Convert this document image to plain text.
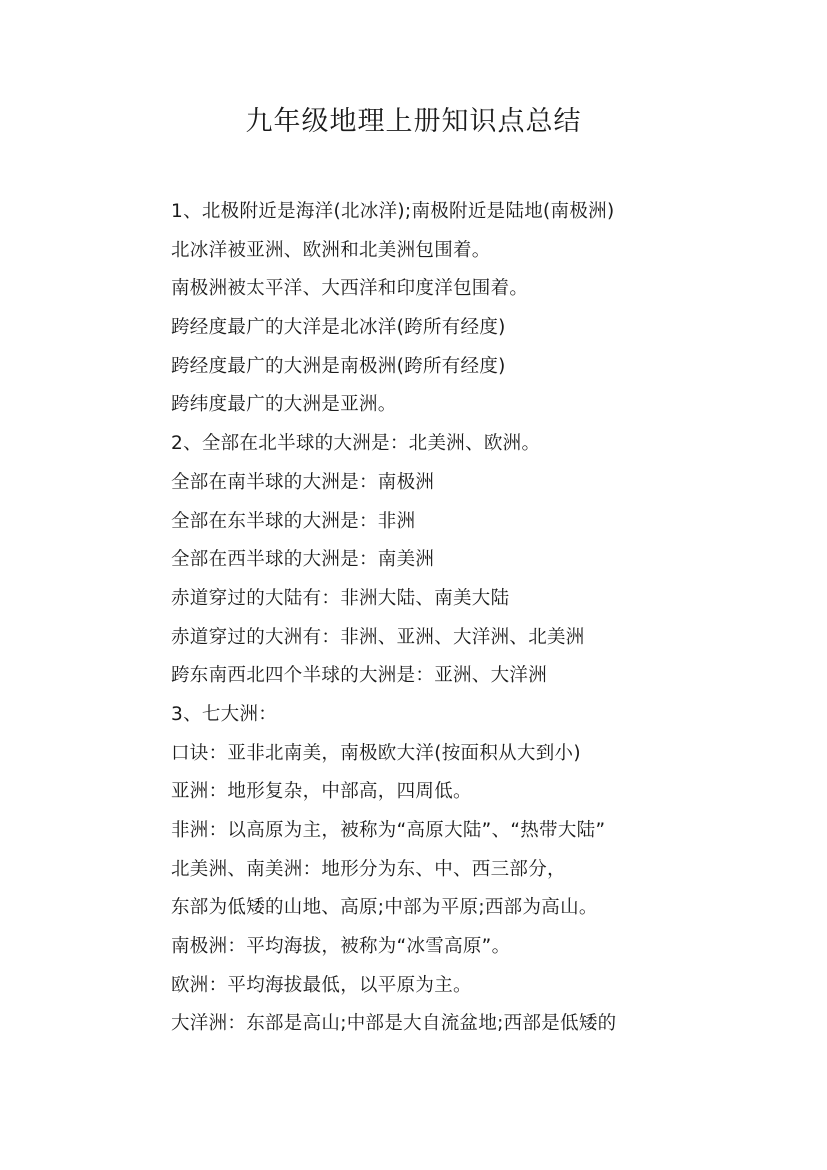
九年级地理上册知识点总结
1、北极附近是海洋(北冰洋);南极附近是陆地(南极洲)
北冰洋被亚洲、欧洲和北美洲包围着。
南极洲被太平洋、大西洋和印度洋包围着。
跨经度最广的大洋是北冰洋(跨所有经度)
跨经度最广的大洲是南极洲(跨所有经度)
跨纬度最广的大洲是亚洲。
2、全部在北半球的大洲是：北美洲、欧洲。
全部在南半球的大洲是：南极洲
全部在东半球的大洲是：非洲
全部在西半球的大洲是：南美洲
赤道穿过的大陆有：非洲大陆、南美大陆
赤道穿过的大洲有：非洲、亚洲、大洋洲、北美洲
跨东南西北四个半球的大洲是：亚洲、大洋洲
3、七大洲：
口诀：亚非北南美，南极欧大洋(按面积从大到小)
亚洲：地形复杂，中部高，四周低。
非洲：以高原为主，被称为“高原大陆”、“热带大陆”
北美洲、南美洲：地形分为东、中、西三部分，
东部为低矮的山地、高原;中部为平原;西部为高山。
南极洲：平均海拔，被称为“冰雪高原”。
欧洲：平均海拔最低，以平原为主。
大洋洲：东部是高山;中部是大自流盆地;西部是低矮的
